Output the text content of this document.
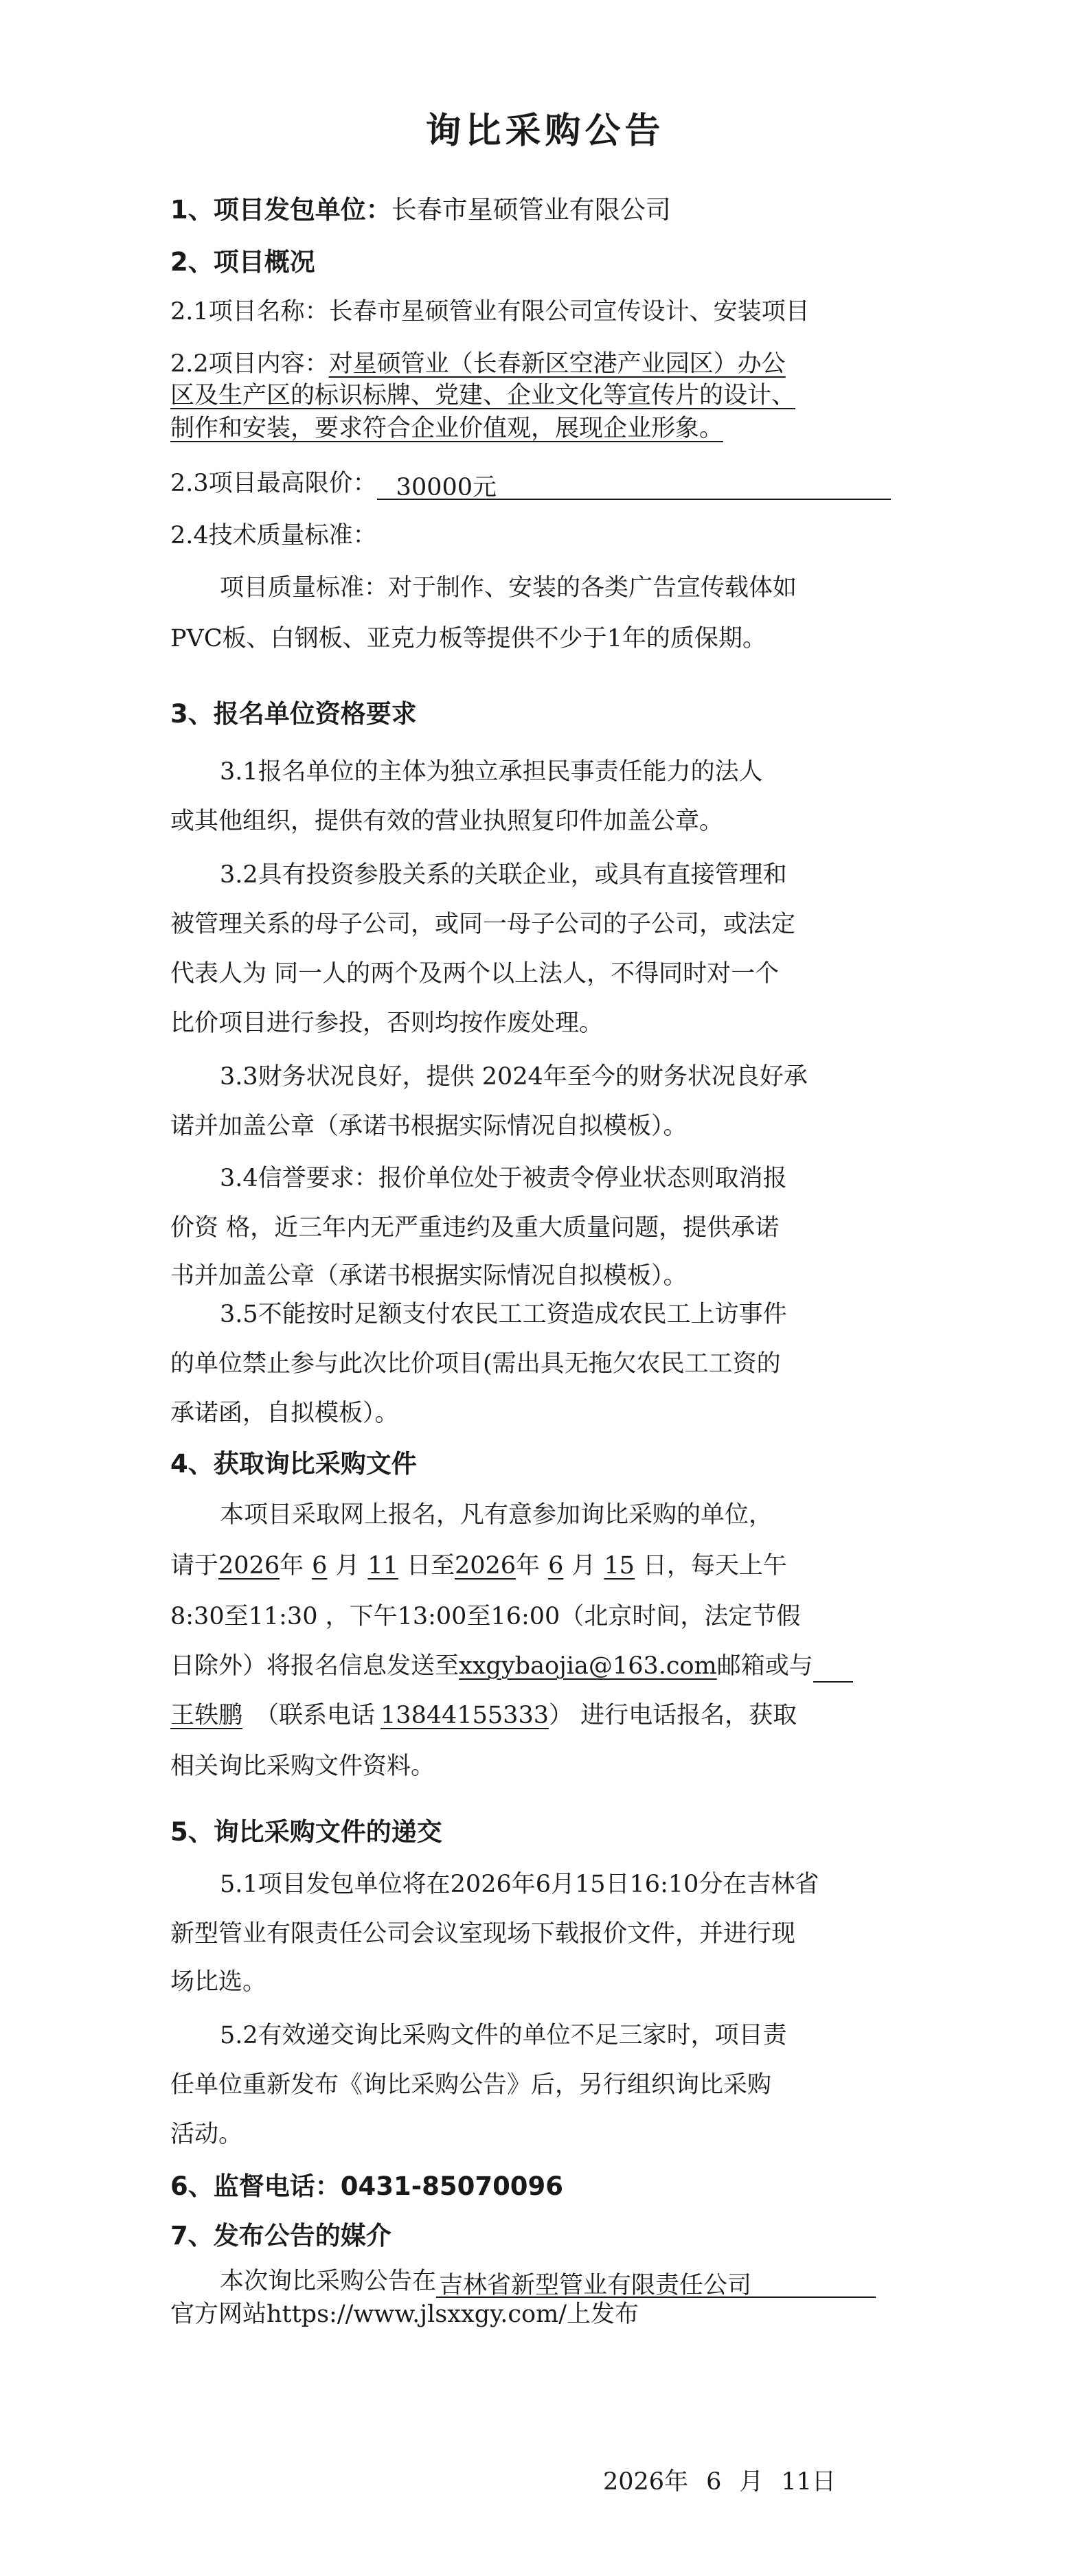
询比采购公告
1、项目发包单位：长春市星硕管业有限公司
2、项目概况
2.1项目名称：长春市星硕管业有限公司宣传设计、安装项目
2.2项目内容：对星硕管业（长春新区空港产业园区）办公
区及生产区的标识标牌、党建、企业文化等宣传片的设计、
制作和安装，要求符合企业价值观，展现企业形象。
2.3项目最高限价： 30000元
2.4技术质量标准：
项目质量标准：对于制作、安装的各类广告宣传载体如
PVC板、白钢板、亚克力板等提供不少于1年的质保期。
3、报名单位资格要求
3.1报名单位的主体为独立承担民事责任能力的法人
或其他组织，提供有效的营业执照复印件加盖公章。
3.2具有投资参股关系的关联企业，或具有直接管理和
被管理关系的母子公司，或同一母子公司的子公司，或法定
代表人为 同一人的两个及两个以上法人，不得同时对一个
比价项目进行参投，否则均按作废处理。
3.3财务状况良好，提供 2024年至今的财务状况良好承
诺并加盖公章（承诺书根据实际情况自拟模板）。
3.4信誉要求：报价单位处于被责令停业状态则取消报
价资 格，近三年内无严重违约及重大质量问题，提供承诺
书并加盖公章（承诺书根据实际情况自拟模板）。
3.5不能按时足额支付农民工工资造成农民工上访事件
的单位禁止参与此次比价项目(需出具无拖欠农民工工资的
承诺函，自拟模板）。
4、获取询比采购文件
本项目采取网上报名，凡有意参加询比采购的单位，
请于2026年 6 月 11 日至2026年 6 月 15 日，每天上午
8:30至11:30 ，下午13:00至16:00（北京时间，法定节假
日除外）将报名信息发送至xxgybaojia@163.com邮箱或与
王轶鹏 （联系电话 13844155333） 进行电话报名，获取
相关询比采购文件资料。
5、询比采购文件的递交
5.1项目发包单位将在2026年6月15日16:10分在吉林省
新型管业有限责任公司会议室现场下载报价文件，并进行现
场比选。
5.2有效递交询比采购文件的单位不足三家时，项目责
任单位重新发布《询比采购公告》后，另行组织询比采购
活动。
6、监督电话：0431-85070096
7、发布公告的媒介
本次询比采购公告在 吉林省新型管业有限责任公司
官方网站https://www.jlsxxgy.com/上发布
2026年 6 月 11日
